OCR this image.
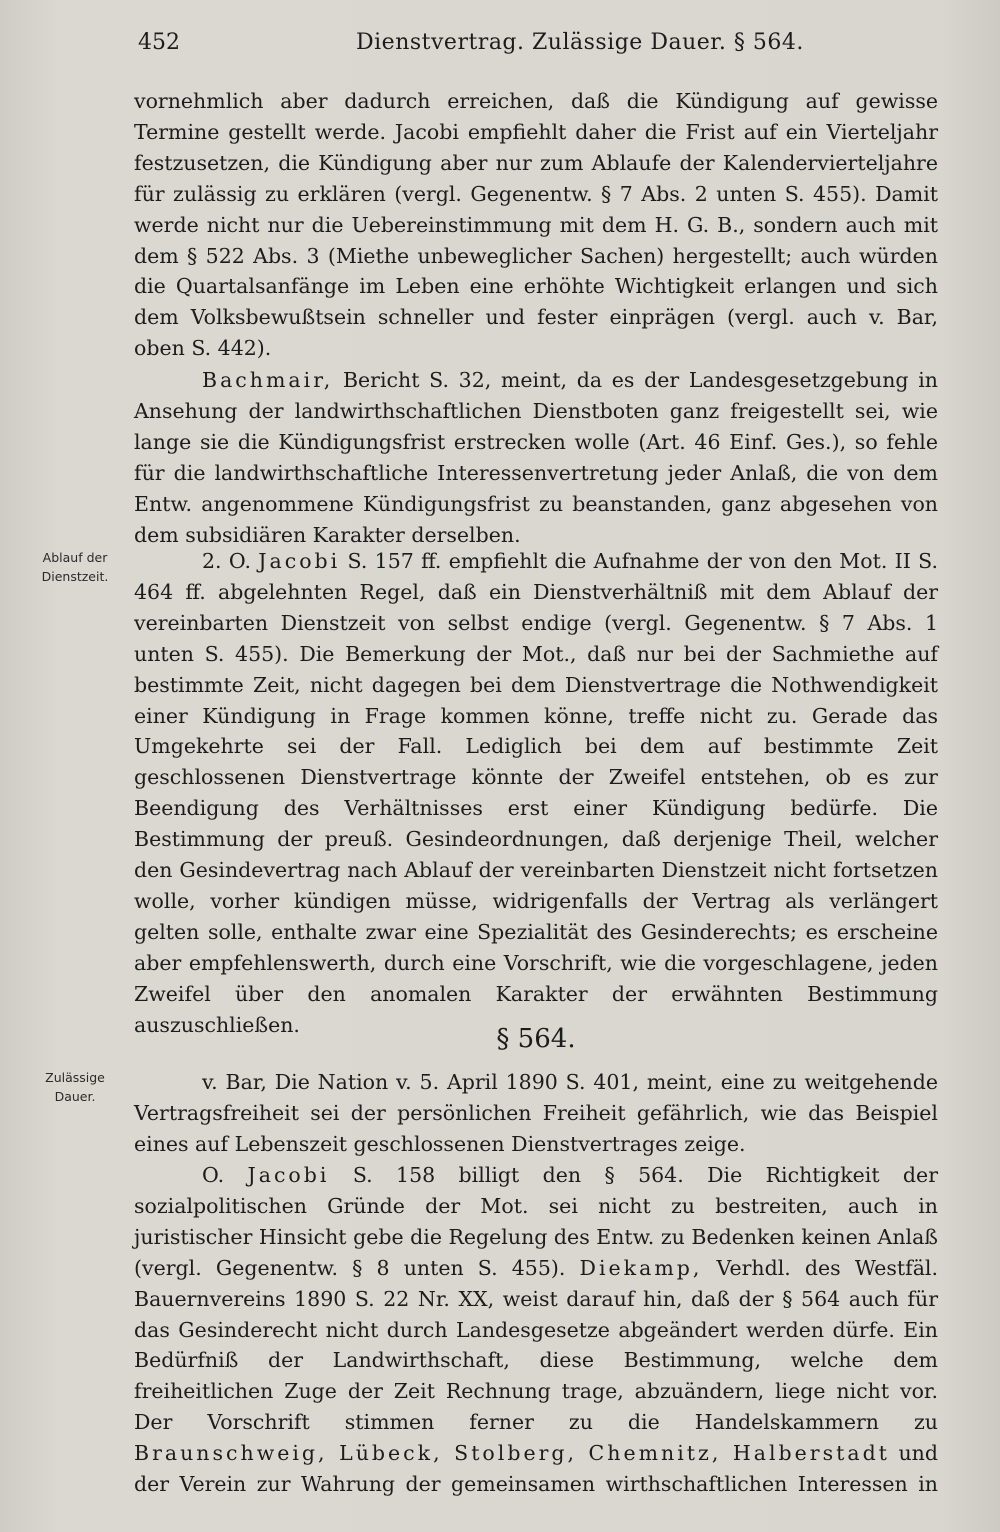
452	Dienstvertrag. Zulässige Dauer. § 564.
vornehmlich aber dadurch erreichen, daß die Kündigung auf gewisse Termine gestellt werde. Jacobi empfiehlt daher die Frist auf ein Vierteljahr festzusetzen, die Kündigung aber nur zum Ablaufe der Kalendervierteljahre für zulässig zu erklären (vergl. Gegenentw. § 7 Abs. 2 unten S. 455). Damit werde nicht nur die Uebereinstimmung mit dem H. G. B., sondern auch mit dem § 522 Abs. 3 (Miethe unbeweglicher Sachen) hergestellt; auch würden die Quartalsanfänge im Leben eine erhöhte Wichtigkeit erlangen und sich dem Volksbewußtsein schneller und fester einprägen (vergl. auch v. Bar, oben S. 442).
Bachmair, Bericht S. 32, meint, da es der Landesgesetzgebung in Ansehung der landwirthschaftlichen Dienstboten ganz freigestellt sei, wie lange sie die Kündigungsfrist erstrecken wolle (Art. 46 Einf. Ges.), so fehle für die landwirthschaftliche Interessenvertretung jeder Anlaß, die von dem Entw. angenommene Kündigungsfrist zu beanstanden, ganz abgesehen von dem subsidiären Karakter derselben.
Ablauf der Dienstzeit.
2. O. Jacobi S. 157 ff. empfiehlt die Aufnahme der von den Mot. II S. 464 ff. abgelehnten Regel, daß ein Dienstverhältniß mit dem Ablauf der vereinbarten Dienstzeit von selbst endige (vergl. Gegenentw. § 7 Abs. 1 unten S. 455). Die Bemerkung der Mot., daß nur bei der Sachmiethe auf bestimmte Zeit, nicht dagegen bei dem Dienstvertrage die Nothwendigkeit einer Kündigung in Frage kommen könne, treffe nicht zu. Gerade das Umgekehrte sei der Fall. Lediglich bei dem auf bestimmte Zeit geschlossenen Dienstvertrage könnte der Zweifel entstehen, ob es zur Beendigung des Verhältnisses erst einer Kündigung bedürfe. Die Bestimmung der preuß. Gesindeordnungen, daß derjenige Theil, welcher den Gesindevertrag nach Ablauf der vereinbarten Dienstzeit nicht fortsetzen wolle, vorher kündigen müsse, widrigenfalls der Vertrag als verlängert gelten solle, enthalte zwar eine Spezialität des Gesinderechts; es erscheine aber empfehlenswerth, durch eine Vorschrift, wie die vorgeschlagene, jeden Zweifel über den anomalen Karakter der erwähnten Bestimmung auszuschließen.	§ 564.
Zulässige Dauer.
v. Bar, Die Nation v. 5. April 1890 S. 401, meint, eine zu weitgehende Vertragsfreiheit sei der persönlichen Freiheit gefährlich, wie das Beispiel eines auf Lebenszeit geschlossenen Dienstvertrages zeige.
O. Jacobi S. 158 billigt den § 564. Die Richtigkeit der sozialpolitischen Gründe der Mot. sei nicht zu bestreiten, auch in juristischer Hinsicht gebe die Regelung des Entw. zu Bedenken keinen Anlaß (vergl. Gegenentw. § 8 unten S. 455). Diekamp, Verhdl. des Westfäl. Bauernvereins 1890 S. 22 Nr. XX, weist darauf hin, daß der § 564 auch für das Gesinderecht nicht durch Landesgesetze abgeändert werden dürfe. Ein Bedürfniß der Landwirthschaft, diese Bestimmung, welche dem freiheitlichen Zuge der Zeit Rechnung trage, abzuändern, liege nicht vor. Der Vorschrift stimmen ferner zu die Handelskammern zu Braunschweig, Lübeck, Stolberg, Chemnitz, Halberstadt und der Verein zur Wahrung der gemeinsamen wirthschaftlichen Interessen in
